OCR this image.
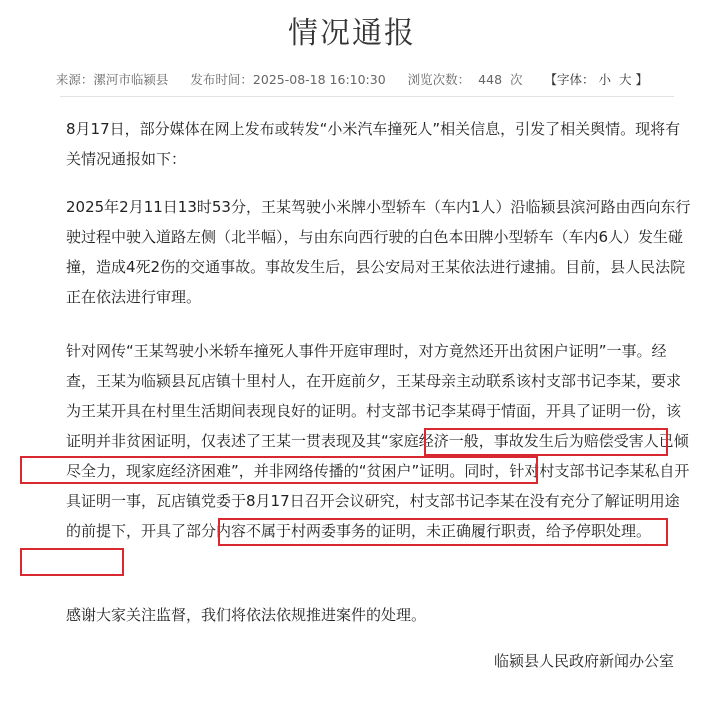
情况通报
来源：漯河市临颍县 发布时间：2025-08-18 16:10:30 浏览次数： 448 次 【字体： 小 大 】

8月17日，部分媒体在网上发布或转发“小米汽车撞死人”相关信息，引发了相关舆情。现将有关情况通报如下：

2025年2月11日13时53分，王某驾驶小米牌小型轿车（车内1人）沿临颍县滨河路由西向东行驶过程中驶入道路左侧（北半幅），与由东向西行驶的白色本田牌小型轿车（车内6人）发生碰撞，造成4死2伤的交通事故。事故发生后，县公安局对王某依法进行逮捕。目前，县人民法院正在依法进行审理。

针对网传“王某驾驶小米轿车撞死人事件开庭审理时，对方竟然还开出贫困户证明”一事。经查，王某为临颍县瓦店镇十里村人，在开庭前夕，王某母亲主动联系该村支部书记李某，要求为王某开具在村里生活期间表现良好的证明。村支部书记李某碍于情面，开具了证明一份，该证明并非贫困证明，仅表述了王某一贯表现及其“家庭经济一般，事故发生后为赔偿受害人已倾尽全力，现家庭经济困难”，并非网络传播的“贫困户”证明。同时，针对村支部书记李某私自开具证明一事，瓦店镇党委于8月17日召开会议研究，村支部书记李某在没有充分了解证明用途的前提下，开具了部分内容不属于村两委事务的证明，未正确履行职责，给予停职处理。

感谢大家关注监督，我们将依法依规推进案件的处理。

临颍县人民政府新闻办公室
